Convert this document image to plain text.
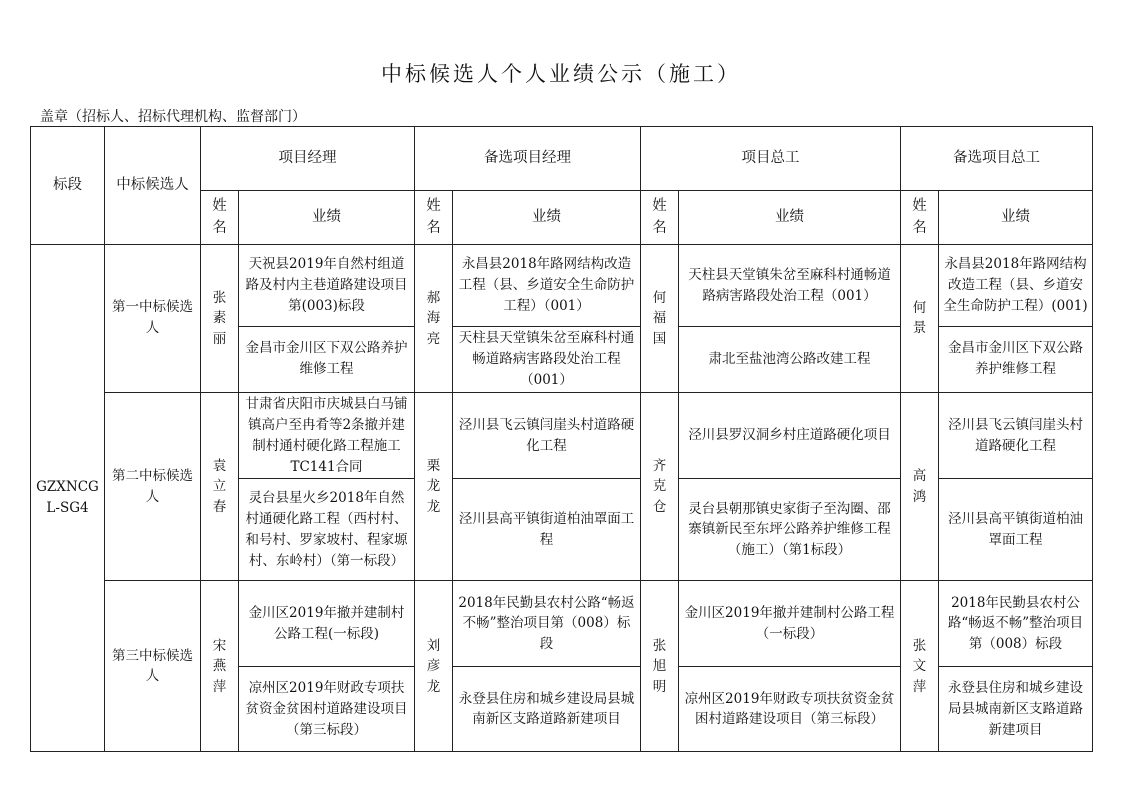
中标候选人个人业绩公示（施工）
盖章（招标人、招标代理机构、监督部门）
标段	中标候选人	项目经理		备选项目经理		项目总工		备选项目总工	

		姓名	业绩	姓名	业绩	姓名	业绩	姓名	业绩
GZXNCGL-SG4	第一中标候选人	张素丽	天祝县2019年自然村组道路及村内主巷道路建设项目第(003)标段	郝海亮	永昌县2018年路网结构改造工程（县、乡道安全生命防护工程）（001）	何福国	天柱县天堂镇朱岔至麻科村通畅道路病害路段处治工程（001）	何景	永昌县2018年路网结构改造工程（县、乡道安全生命防护工程）(001)
			金昌市金川区下双公路养护维修工程		天柱县天堂镇朱岔至麻科村通畅道路病害路段处治工程（001）		肃北至盐池湾公路改建工程		金昌市金川区下双公路养护维修工程
	第二中标候选人	袁立春	甘肃省庆阳市庆城县白马铺镇高户至冉肴等2条撤并建制村通村硬化路工程施工TC141合同	栗龙龙	泾川县飞云镇闫崖头村道路硬化工程	齐克仓	泾川县罗汉洞乡村庄道路硬化项目	高鸿	泾川县飞云镇闫崖头村道路硬化工程
			灵台县星火乡2018年自然村通硬化路工程（西村村、和号村、罗家坡村、程家塬村、东岭村）（第一标段）		泾川县高平镇街道柏油罩面工程		灵台县朝那镇史家街子至沟圈、邵寨镇新民至东坪公路养护维修工程（施工）（第1标段）		泾川县高平镇街道柏油罩面工程
	第三中标候选人	宋燕萍	金川区2019年撤并建制村公路工程(一标段)	刘彦龙	2018年民勤县农村公路“畅返不畅”整治项目第（008）标段	张旭明	金川区2019年撤并建制村公路工程（一标段）	张文萍	2018年民勤县农村公路“畅返不畅”整治项目第（008）标段
			凉州区2019年财政专项扶贫资金贫困村道路建设项目（第三标段）		永登县住房和城乡建设局县城南新区支路道路新建项目		凉州区2019年财政专项扶贫资金贫困村道路建设项目（第三标段）		永登县住房和城乡建设局县城南新区支路道路新建项目
